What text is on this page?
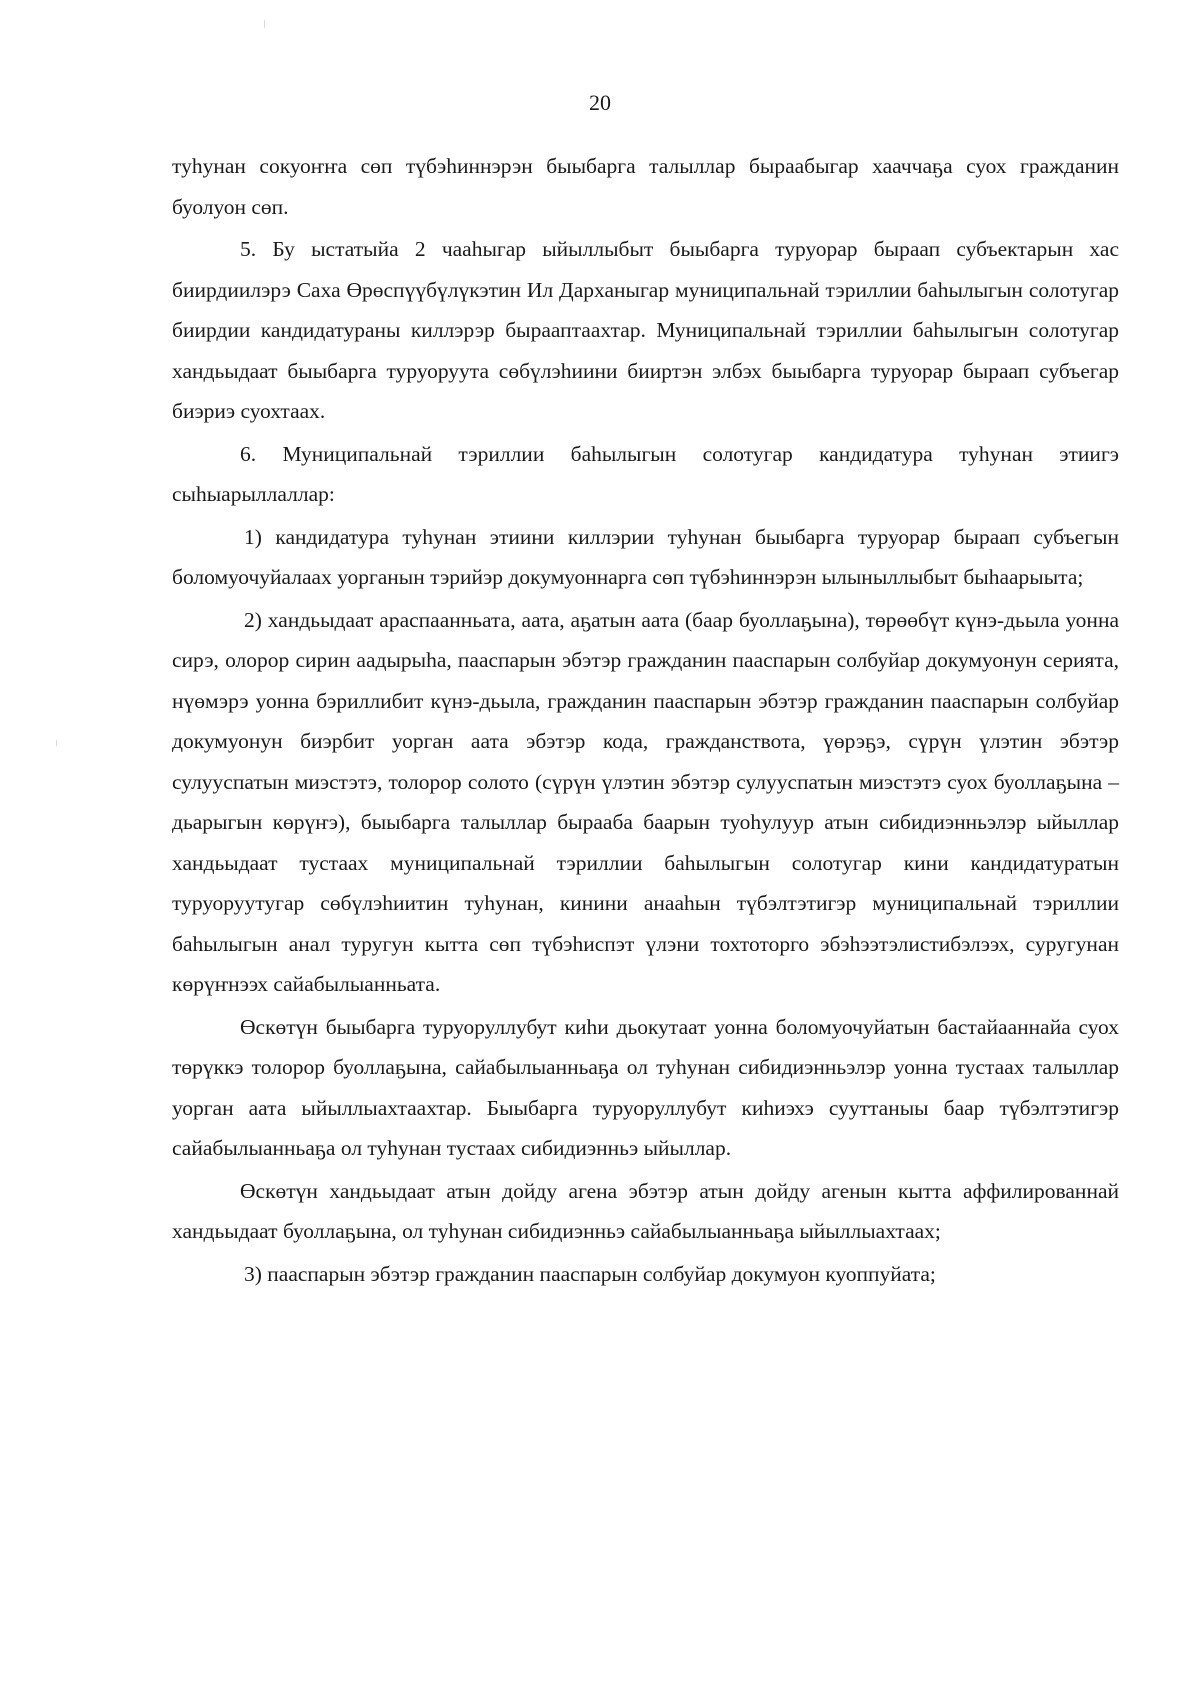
20

туhунан сокуоҥҥа сөп түбэhиннэрэн быыбарга талыллар быраабыгар хааччаҕа суох гражданин буолуон сөп.

5. Бу ыстатыйа 2 чааhыгар ыйыллыбыт быыбарга туруорар быраап субъектарын хас биирдиилэрэ Саха Өрөспүүбүлүкэтин Ил Дарханыгар муниципальнай тэриллии баhылыгын солотугар биирдии кандидатураны киллэрэр бырааптаахтар. Муниципальнай тэриллии баhылыгын солотугар хандьыдаат быыбарга туруоруута сөбүлэhиини бииртэн элбэх быыбарга туруорар быраап субъегар биэриэ суохтаах.

6. Муниципальнай тэриллии баhылыгын солотугар кандидатура туhунан этиигэ сыhыарыллаллар:

1) кандидатура туhунан этиини киллэрии туhунан быыбарга туруорар быраап субъегын боломуочуйалаах уорганын тэрийэр докумуоннарга сөп түбэhиннэрэн ылыныллыбыт быhаарыыта;

2) хандьыдаат араспаанньата, аата, аҕатын аата (баар буоллаҕына), төрөөбүт күнэ-дьыла уонна сирэ, олорор сирин аадырыhа, пааспарын эбэтэр гражданин пааспарын солбуйар докумуонун серията, нүөмэрэ уонна бэриллибит күнэ-дьыла, гражданин пааспарын эбэтэр гражданин пааспарын солбуйар докумуонун биэрбит уорган аата эбэтэр кода, гражданствота, үөрэҕэ, сүрүн үлэтин эбэтэр сулууспатын миэстэтэ, толорор солото (сүрүн үлэтин эбэтэр сулууспатын миэстэтэ суох буоллаҕына – дьарыгын көрүҥэ), быыбарга талыллар быраабa баарын туоhулуур атын сибидиэнньэлэр ыйыллар хандьыдаат тустаах муниципальнай тэриллии баhылыгын солотугар кини кандидатуратын туруоруутугар сөбүлэhиитин туhунан, кинини анааhын түбэлтэтигэр муниципальнай тэриллии баhылыгын анал туругун кытта сөп түбэhиспэт үлэни тохтоторго эбэhээтэлистибэлээх, суругунан көрүҥнээх сайабылыанньата.

Өскөтүн быыбарга туруоруллубут киhи дьокутаат уонна боломуочуйатын бастайааннайа суох төрүккэ толорор буоллаҕына, сайабылыанньаҕа ол туhунан сибидиэнньэлэр уонна тустаах талыллар уорган аата ыйыллыахтаахтар. Быыбарга туруоруллубут киhиэхэ сууттаныы баар түбэлтэтигэр сайабылыанньаҕа ол туhунан тустаах сибидиэнньэ ыйыллар.

Өскөтүн хандьыдаат атын дойду агена эбэтэр атын дойду агенын кытта аффилированнай хандьыдаат буоллаҕына, ол туhунан сибидиэнньэ сайабылыанньаҕа ыйыллыахтаах;

3) пааспарын эбэтэр гражданин пааспарын солбуйар докумуон куоппуйата;
